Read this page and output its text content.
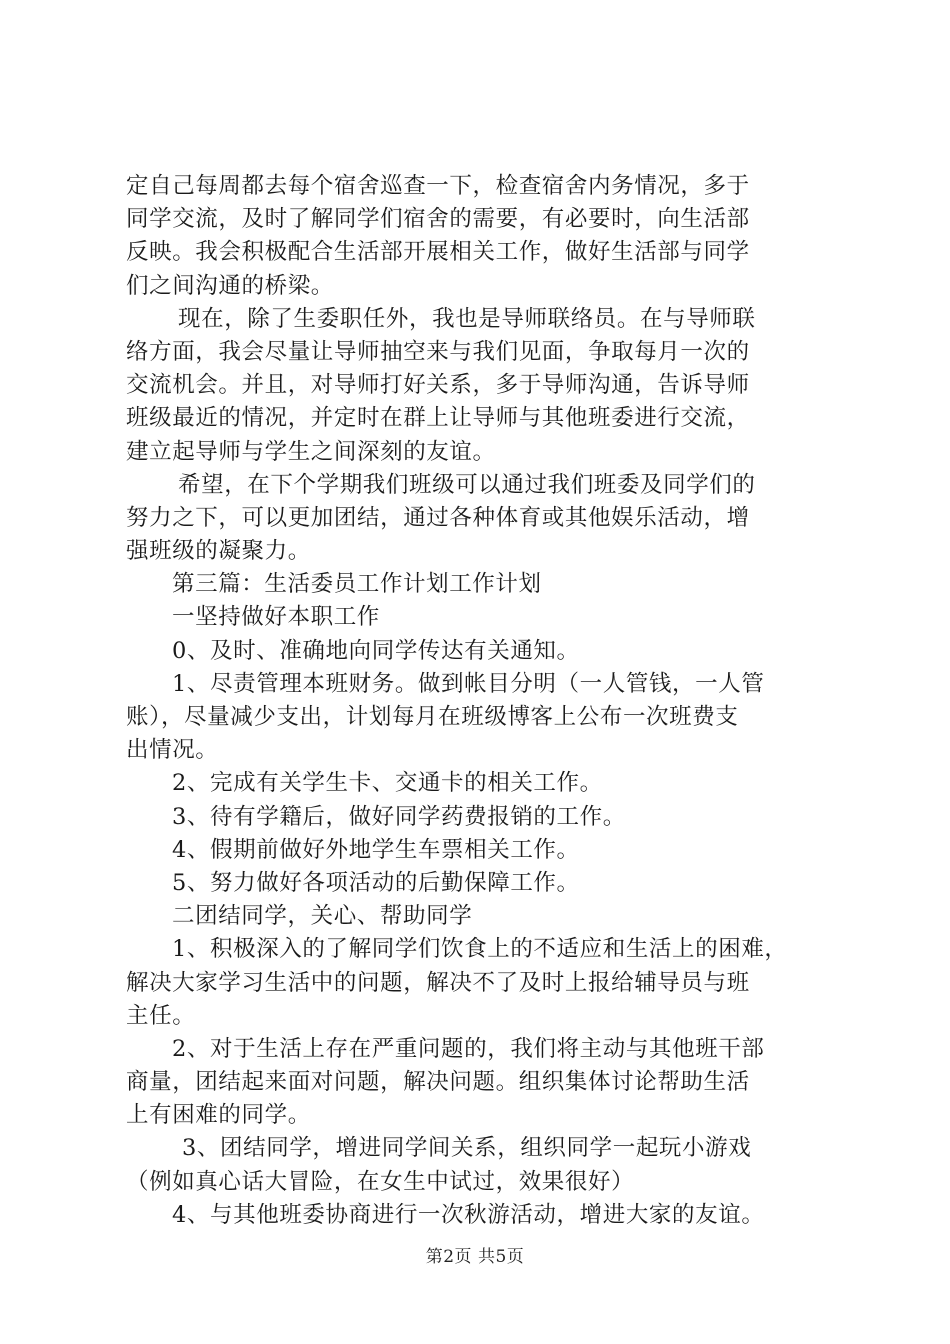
定自己每周都去每个宿舍巡查一下，检查宿舍内务情况，多于
同学交流，及时了解同学们宿舍的需要，有必要时，向生活部
反映。我会积极配合生活部开展相关工作，做好生活部与同学
们之间沟通的桥梁。
现在，除了生委职任外，我也是导师联络员。在与导师联
络方面，我会尽量让导师抽空来与我们见面，争取每月一次的
交流机会。并且，对导师打好关系，多于导师沟通，告诉导师
班级最近的情况，并定时在群上让导师与其他班委进行交流，
建立起导师与学生之间深刻的友谊。
希望，在下个学期我们班级可以通过我们班委及同学们的
努力之下，可以更加团结，通过各种体育或其他娱乐活动，增
强班级的凝聚力。
第三篇：生活委员工作计划工作计划
一坚持做好本职工作
0、及时、准确地向同学传达有关通知。
1、尽责管理本班财务。做到帐目分明（一人管钱，一人管
账），尽量减少支出，计划每月在班级博客上公布一次班费支
出情况。
2、完成有关学生卡、交通卡的相关工作。
3、待有学籍后，做好同学药费报销的工作。
4、假期前做好外地学生车票相关工作。
5、努力做好各项活动的后勤保障工作。
二团结同学，关心、帮助同学
1、积极深入的了解同学们饮食上的不适应和生活上的困难，
解决大家学习生活中的问题，解决不了及时上报给辅导员与班
主任。
2、对于生活上存在严重问题的，我们将主动与其他班干部
商量，团结起来面对问题，解决问题。组织集体讨论帮助生活
上有困难的同学。
3、团结同学，增进同学间关系，组织同学一起玩小游戏
（例如真心话大冒险，在女生中试过，效果很好）
4、与其他班委协商进行一次秋游活动，增进大家的友谊。
第2页 共5页
